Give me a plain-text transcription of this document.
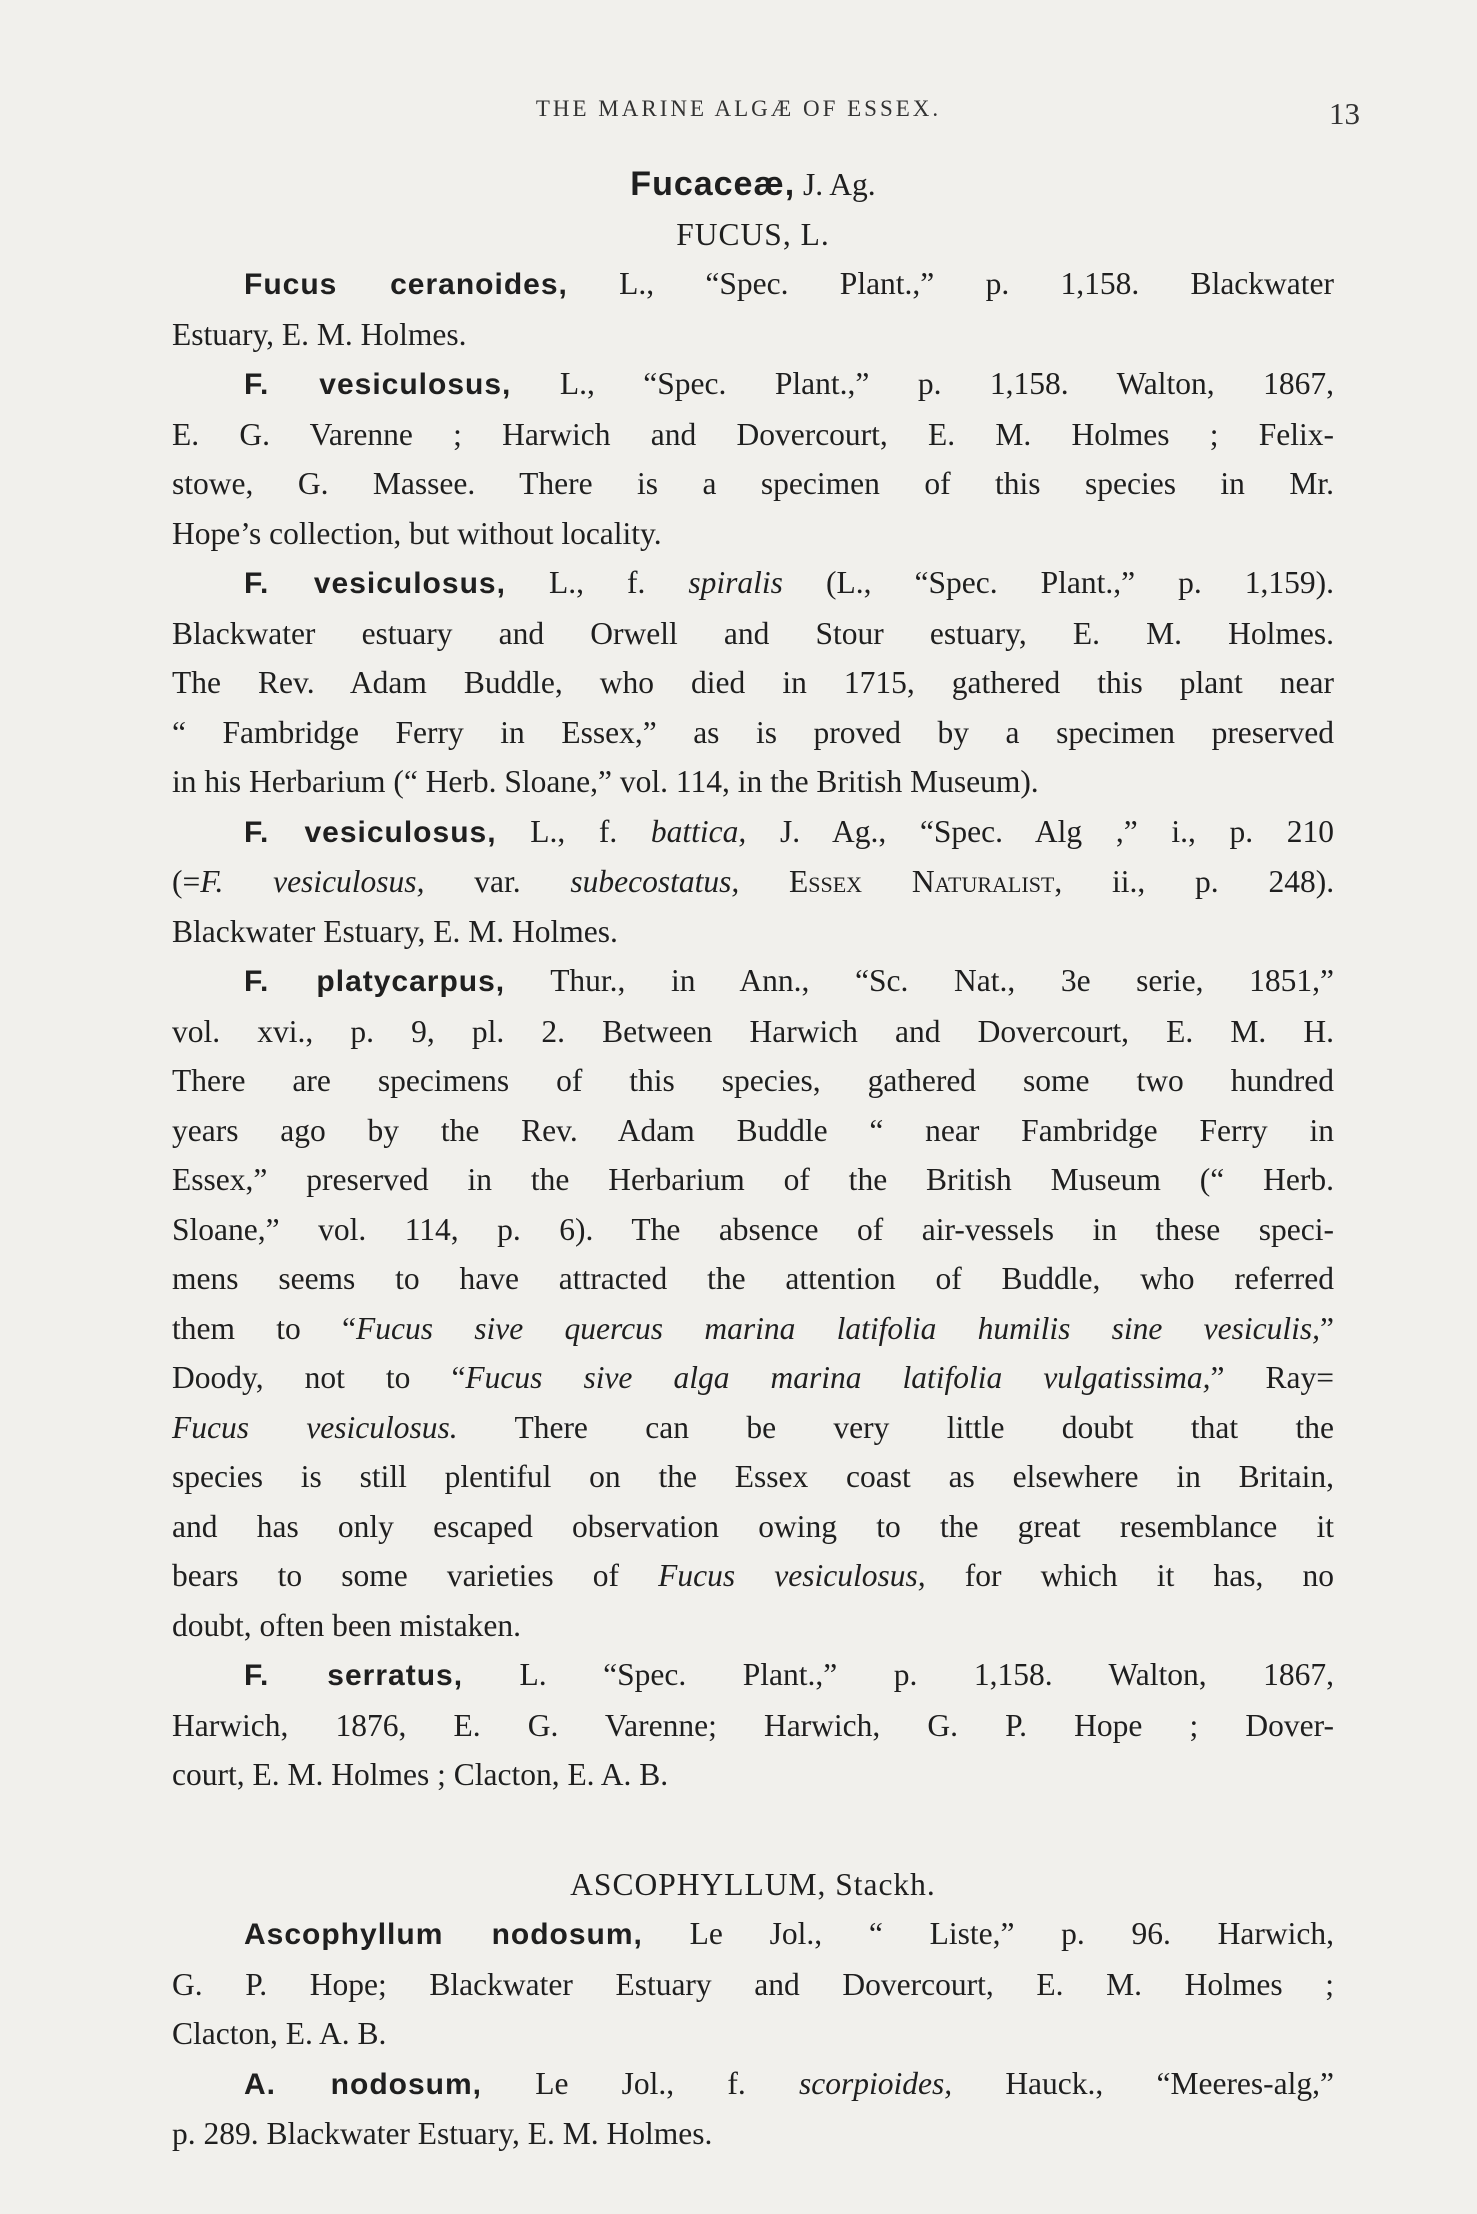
THE MARINE ALGÆ OF ESSEX.	13
Fucaceæ, J. Ag.
FUCUS, L.
Fucus ceranoides, L., “Spec. Plant.,” p. 1,158. Blackwater
Estuary, E. M. Holmes.
F. vesiculosus, L., “Spec. Plant.,” p. 1,158. Walton, 1867,
E. G. Varenne ; Harwich and Dovercourt, E. M. Holmes ; Felix-
stowe, G. Massee. There is a specimen of this species in Mr.
Hope’s collection, but without locality.
F. vesiculosus, L., f. spiralis (L., “Spec. Plant.,” p. 1,159).
Blackwater estuary and Orwell and Stour estuary, E. M. Holmes.
The Rev. Adam Buddle, who died in 1715, gathered this plant near
“ Fambridge Ferry in Essex,” as is proved by a specimen preserved
in his Herbarium (“ Herb. Sloane,” vol. 114, in the British Museum).
F. vesiculosus, L., f. battica, J. Ag., “Spec. Alg ,” i., p. 210
(=F. vesiculosus, var. subecostatus, Essex Naturalist, ii., p. 248).
Blackwater Estuary, E. M. Holmes.
F. platycarpus, Thur., in Ann., “Sc. Nat., 3e serie, 1851,”
vol. xvi., p. 9, pl. 2. Between Harwich and Dovercourt, E. M. H.
There are specimens of this species, gathered some two hundred
years ago by the Rev. Adam Buddle “ near Fambridge Ferry in
Essex,” preserved in the Herbarium of the British Museum (“ Herb.
Sloane,” vol. 114, p. 6). The absence of air-vessels in these speci-
mens seems to have attracted the attention of Buddle, who referred
them to “Fucus sive quercus marina latifolia humilis sine vesiculis,”
Doody, not to “Fucus sive alga marina latifolia vulgatissima,” Ray=
Fucus vesiculosus. There can be very little doubt that the
species is still plentiful on the Essex coast as elsewhere in Britain,
and has only escaped observation owing to the great resemblance it
bears to some varieties of Fucus vesiculosus, for which it has, no
doubt, often been mistaken.
F. serratus, L. “Spec. Plant.,” p. 1,158. Walton, 1867,
Harwich, 1876, E. G. Varenne; Harwich, G. P. Hope ; Dover-
court, E. M. Holmes ; Clacton, E. A. B.
ASCOPHYLLUM, Stackh.
Ascophyllum nodosum, Le Jol., “ Liste,” p. 96. Harwich,
G. P. Hope; Blackwater Estuary and Dovercourt, E. M. Holmes ;
Clacton, E. A. B.
A. nodosum, Le Jol., f. scorpioides, Hauck., “Meeres-alg,”
p. 289. Blackwater Estuary, E. M. Holmes.
